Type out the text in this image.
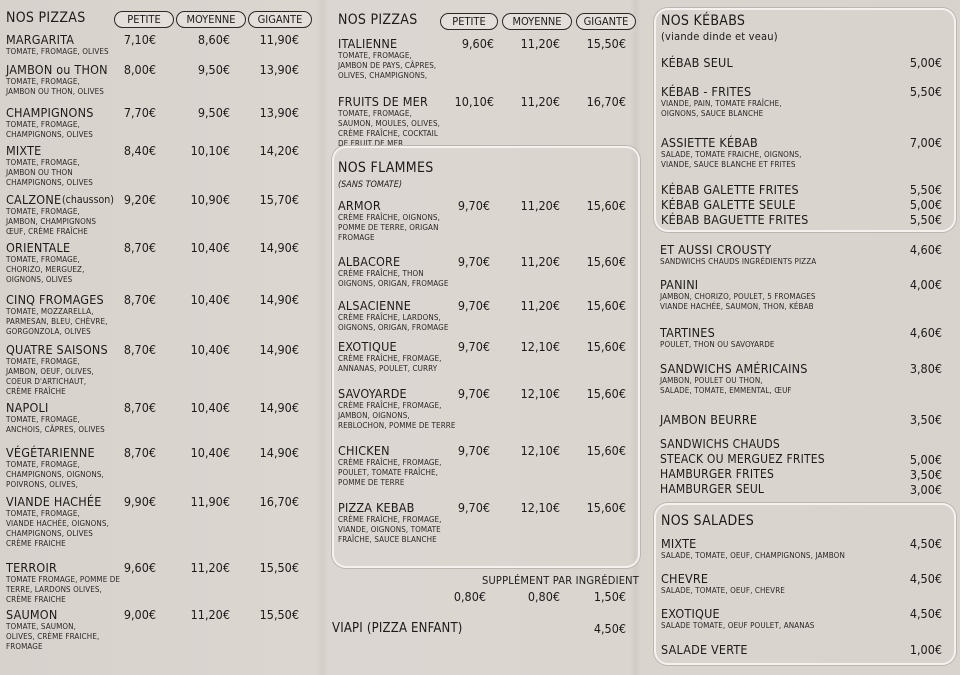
NOS PIZZAS	PETITE	MOYENNE	GIGANTE
MARGARITA
TOMATE, FROMAGE, OLIVES
7,10€	8,60€ 11,90€
JAMBON ou THON
TOMATE, FROMAGE,
JAMBON OU THON, OLIVES
8,00€	9,50€ 13,90€
CHAMPIGNONS
TOMATE, FROMAGE,
CHAMPIGNONS, OLIVES
7,70€	9,50€ 13,90€
MIXTE
TOMATE, FROMAGE,
JAMBON OU THON
CHAMPIGNONS, OLIVES
8,40€	10,10€ 14,20€
CALZONE (chausson)
TOMATE, FROMAGE,
JAMBON, CHAMPIGNONS
ŒUF, CRÈME FRAÎCHE
9,20€	10,90€ 15,70€
ORIENTALE
TOMATE, FROMAGE,
CHORIZO, MERGUEZ,
OIGNONS, OLIVES
8,70€	10,40€ 14,90€
CINQ FROMAGES
TOMATE, MOZZARELLA,
PARMESAN, BLEU, CHÈVRE,
GORGONZOLA, OLIVES
8,70€	10,40€ 14,90€
QUATRE SAISONS
TOMATE, FROMAGE,
JAMBON, OEUF, OLIVES,
COEUR D'ARTICHAUT,
CRÈME FRAÎCHE
8,70€	10,40€ 14,90€
NAPOLI
TOMATE, FROMAGE,
ANCHOIS, CÂPRES, OLIVES
8,70€	10,40€ 14,90€
VÉGÉTARIENNE
TOMATE, FROMAGE,
CHAMPIGNONS, OIGNONS,
POIVRONS, OLIVES,
8,70€	10,40€ 14,90€
VIANDE HACHÉE
TOMATE, FROMAGE,
VIANDE HACHÉE, OIGNONS,
CHAMPIGNONS, OLIVES
CRÈME FRAICHE
9,90€	11,90€ 16,70€
TERROIR
TOMATE FROMAGE, POMME DE
TERRE, LARDONS OLIVES,
CRÈME FRAICHE
9,60€	11,20€ 15,50€
SAUMON
TOMATE, SAUMON,
OLIVES, CRÈME FRAICHE,
FROMAGE
9,00€	11,20€ 15,50€
NOS PIZZAS	PETITE	MOYENNE	GIGANTE
ITALIENNE
TOMATE, FROMAGE,
JAMBON DE PAYS, CÂPRES,
OLIVES, CHAMPIGNONS,
9,60€ 11,20€ 15,50€
FRUITS DE MER
TOMATE, FROMAGE,
SAUMON, MOULES, OLIVES,
CRÈME FRAÎCHE, COCKTAIL
DE FRUIT DE MER
10,10€ 11,20€ 16,70€
NOS FLAMMES
(SANS TOMATE)
ARMOR
CRÈME FRAÎCHE, OIGNONS,
POMME DE TERRE, ORIGAN
FROMAGE
9,70€ 11,20€ 15,60€
ALBACORE
CRÈME FRAÎCHE, THON
OIGNONS, ORIGAN, FROMAGE
9,70€ 11,20€ 15,60€
ALSACIENNE
CRÈME FRAÎCHE, LARDONS,
OIGNONS, ORIGAN, FROMAGE
9,70€ 11,20€ 15,60€
EXOTIQUE
CRÈME FRAÎCHE, FROMAGE,
ANNANAS, POULET, CURRY
9,70€ 12,10€ 15,60€
SAVOYARDE
CRÈME FRAÎCHE, FROMAGE,
JAMBON, OIGNONS,
REBLOCHON, POMME DE TERRE
9,70€ 12,10€ 15,60€
CHICKEN
CRÈME FRAÎCHE, FROMAGE,
POULET, TOMATE FRAÎCHE,
POMME DE TERRE
9,70€ 12,10€ 15,60€
PIZZA KEBAB
CRÈME FRAÎCHE, FROMAGE,
VIANDE, OIGNONS, TOMATE
FRAÎCHE, SAUCE BLANCHE
9,70€ 12,10€ 15,60€
SUPPLÉMENT PAR INGRÉDIENT
0,80€	0,80€	1,50€
VIAPI (PIZZA ENFANT)	4,50€
NOS KÉBABS
(viande dinde et veau)
KÉBAB SEUL	5,00€
KÉBAB - FRITES
VIANDE, PAIN, TOMATE FRAÎCHE,
OIGNONS, SAUCE BLANCHE
5,50€
ASSIETTE KÉBAB
SALADE, TOMATE FRAICHE, OIGNONS,
VIANDE, SAUCE BLANCHE ET FRITES
7,00€
KÉBAB GALETTE FRITES	5,50€
KÉBAB GALETTE SEULE	5,00€
KÉBAB BAGUETTE FRITES	5,50€
ET AUSSI CROUSTY
SANDWICHS CHAUDS INGRÉDIENTS PIZZA
4,60€
PANINI
JAMBON, CHORIZO, POULET, 5 FROMAGES
VIANDE HACHÉE, SAUMON, THON, KÉBAB
4,00€
TARTINES
POULET, THON OU SAVOYARDE
4,60€
SANDWICHS AMÉRICAINS
JAMBON, POULET OU THON,
SALADE, TOMATE, EMMENTAL, ŒUF
3,80€
JAMBON BEURRE	3,50€
SANDWICHS CHAUDS
STEACK OU MERGUEZ FRITES	5,00€
HAMBURGER FRITES	3,50€
HAMBURGER SEUL	3,00€
NOS SALADES
MIXTE
SALADE, TOMATE, OEUF, CHAMPIGNONS, JAMBON
4,50€
CHEVRE
SALADE, TOMATE, OEUF, CHEVRE
4,50€
EXOTIQUE
SALADE TOMATE, OEUF POULET, ANANAS
4,50€
SALADE VERTE	1,00€
